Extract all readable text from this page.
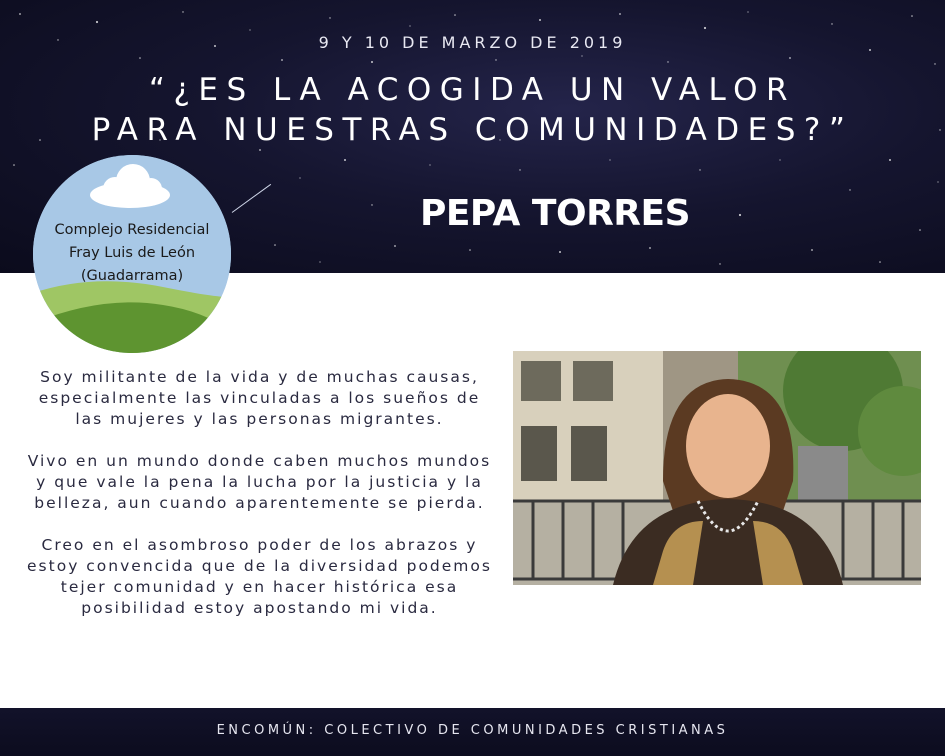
9 Y 10 DE MARZO DE 2019
“¿ES LA ACOGIDA UN VALOR
PARA NUESTRAS COMUNIDADES?”
PEPA TORRES
Complejo Residencial
Fray Luis de León
(Guadarrama)

Soy militante de la vida y de muchas causas, especialmente las vinculadas a los sueños de las mujeres y las personas migrantes.

Vivo en un mundo donde caben muchos mundos y que vale la pena la lucha por la justicia y la belleza, aun cuando aparentemente se pierda.

Creo en el asombroso poder de los abrazos y estoy convencida que de la diversidad podemos tejer comunidad y en hacer histórica esa posibilidad estoy apostando mi vida.

ENCOMÚN: COLECTIVO DE COMUNIDADES CRISTIANAS
